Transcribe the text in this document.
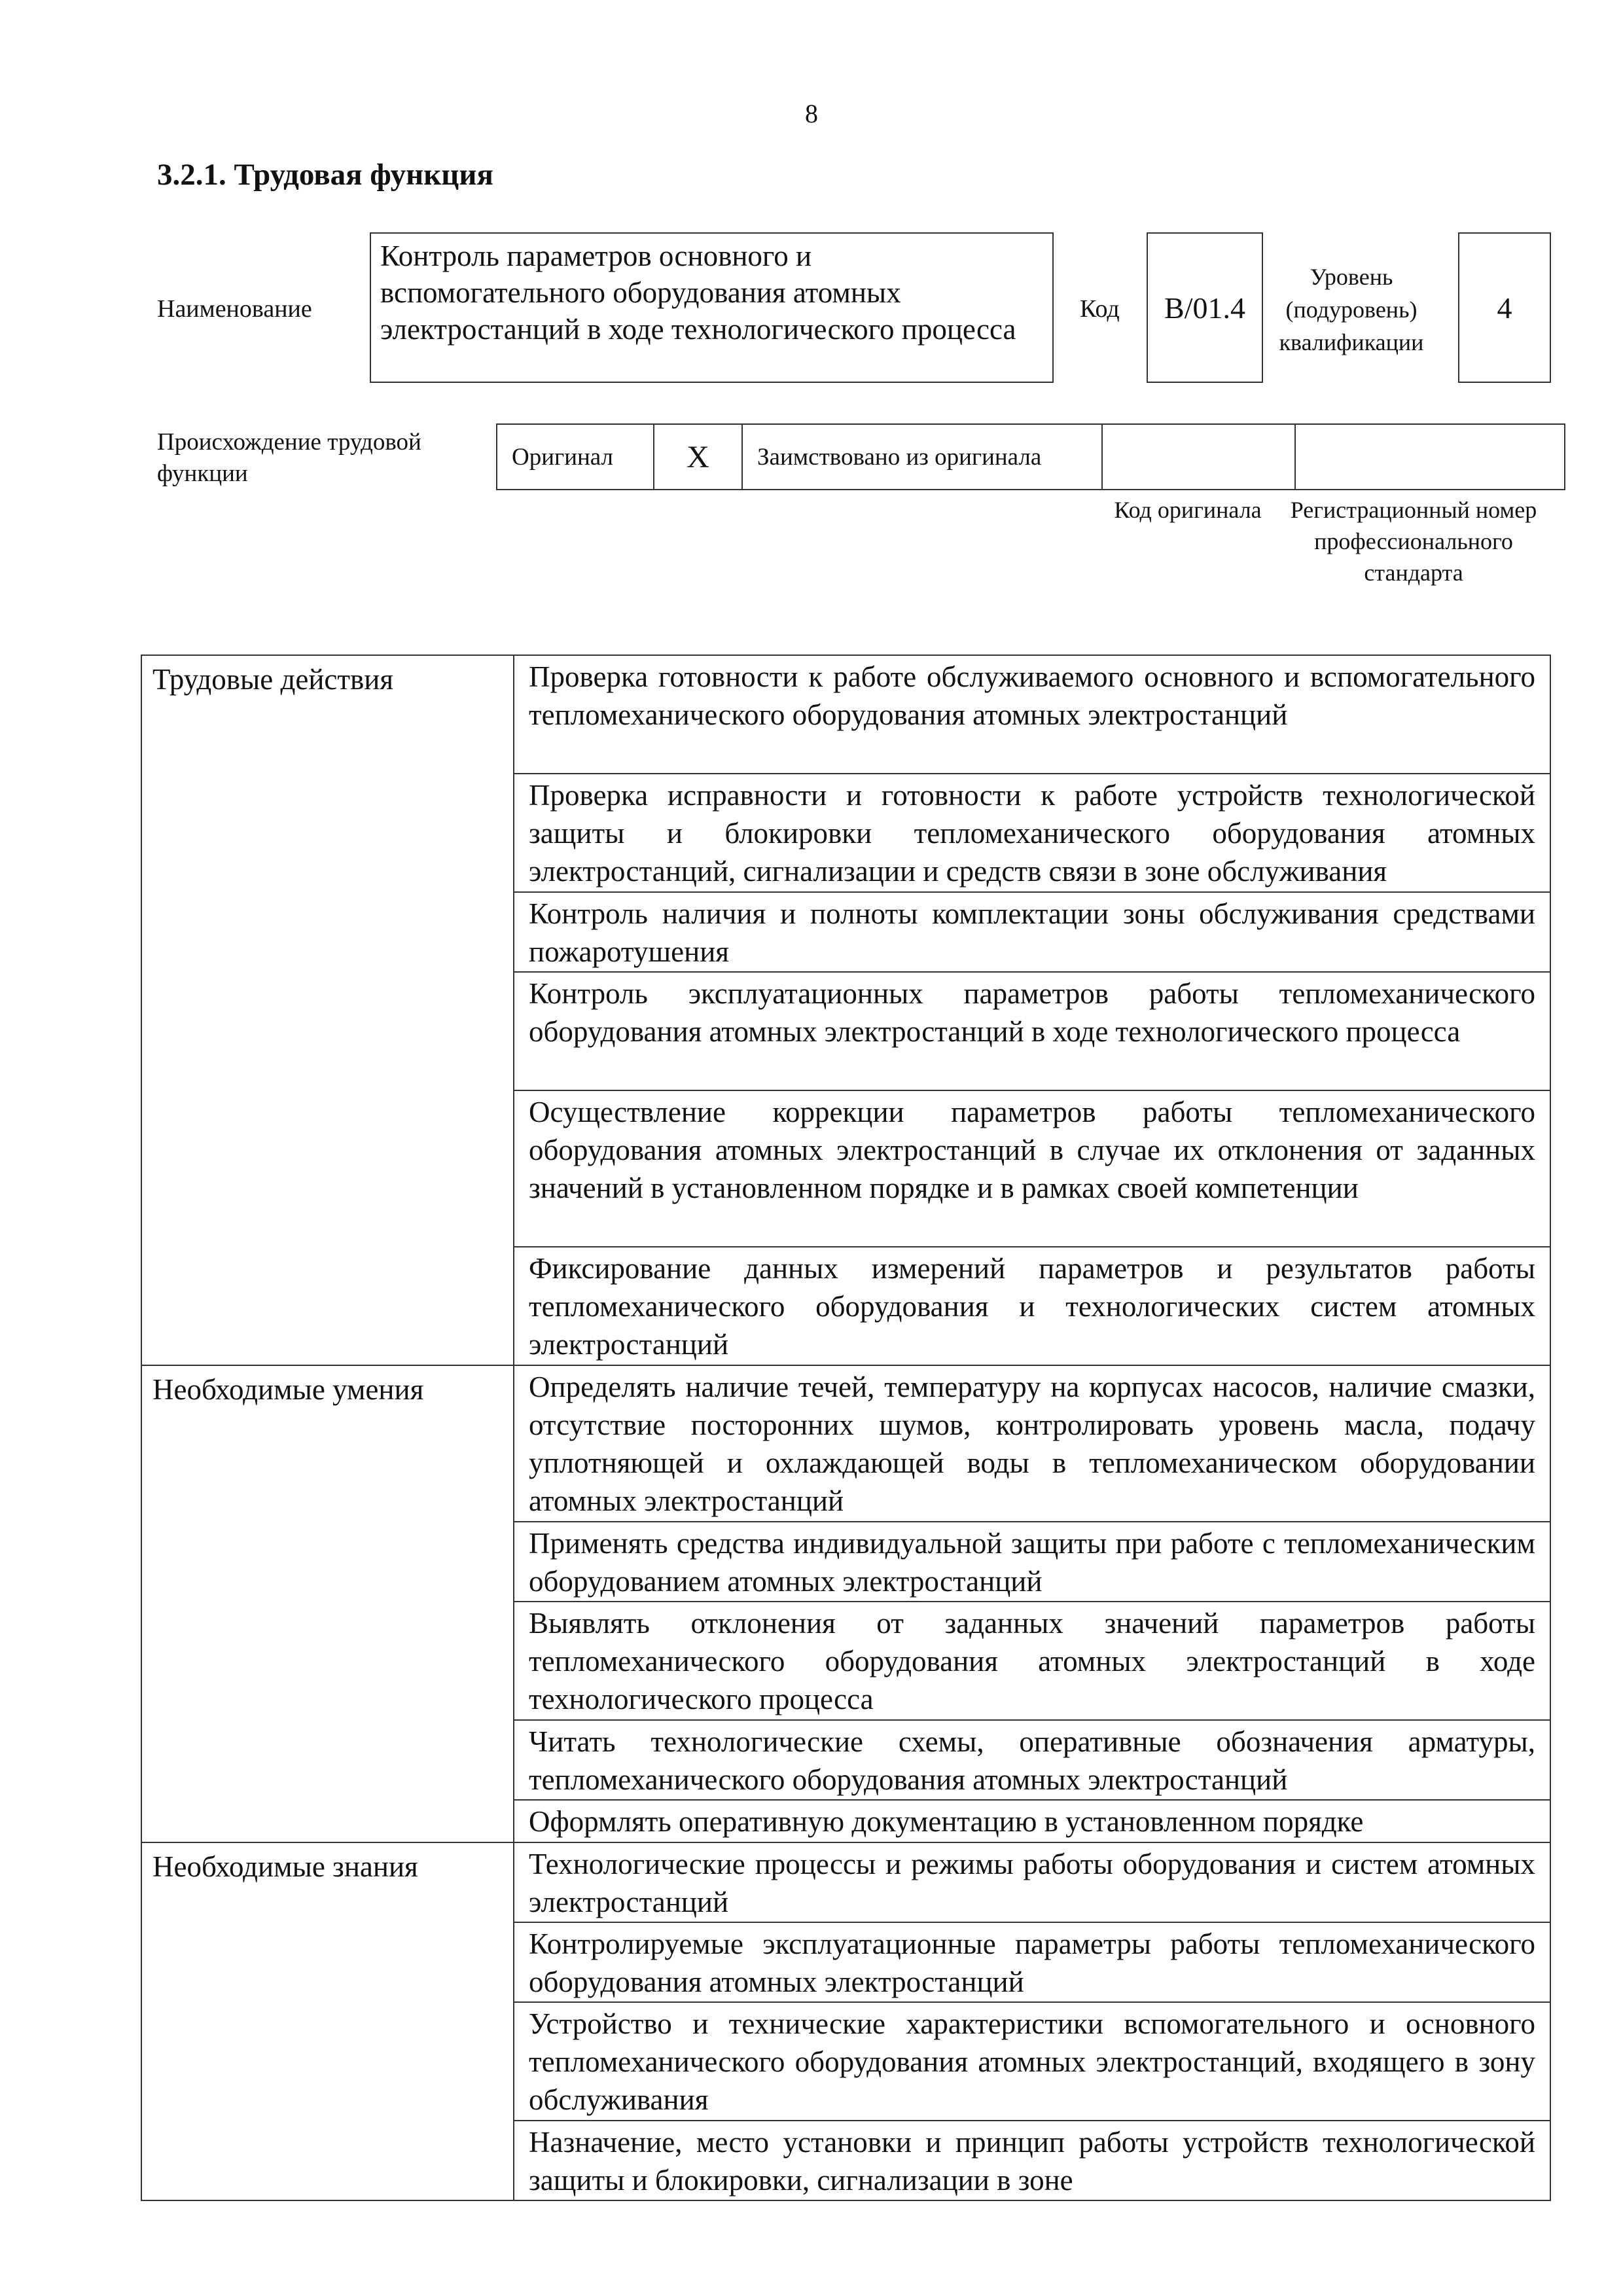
8
3.2.1. Трудовая функция
Наименование
Контроль параметров основного и вспомогательного оборудования атомных электростанций в ходе технологического процесса
Код	B/01.4
Уровень (подуровень) квалификации
4
Происхождение трудовой функции
Оригинал	X	Заимствовано из оригинала		
Код оригинала	Регистрационный номер профессионального стандарта
Трудовые действия	Проверка готовности к работе обслуживаемого основного и вспомогательного тепломеханического оборудования атомных электростанций
	Проверка исправности и готовности к работе устройств технологической защиты и блокировки тепломеханического оборудования атомных электростанций, сигнализации и средств связи в зоне обслуживания
	Контроль наличия и полноты комплектации зоны обслуживания средствами пожаротушения
	Контроль эксплуатационных параметров работы тепломеханического оборудования атомных электростанций в ходе технологического процесса
	Осуществление коррекции параметров работы тепломеханического оборудования атомных электростанций в случае их отклонения от заданных значений в установленном порядке и в рамках своей компетенции
	Фиксирование данных измерений параметров и результатов работы тепломеханического оборудования и технологических систем атомных электростанций
Необходимые умения	Определять наличие течей, температуру на корпусах насосов, наличие смазки, отсутствие посторонних шумов, контролировать уровень масла, подачу уплотняющей и охлаждающей воды в тепломеханическом оборудовании атомных электростанций
	Применять средства индивидуальной защиты при работе с тепломеханическим оборудованием атомных электростанций
	Выявлять отклонения от заданных значений параметров работы тепломеханического оборудования атомных электростанций в ходе технологического процесса
	Читать технологические схемы, оперативные обозначения арматуры, тепломеханического оборудования атомных электростанций
	Оформлять оперативную документацию в установленном порядке
Необходимые знания	Технологические процессы и режимы работы оборудования и систем атомных электростанций
	Контролируемые эксплуатационные параметры работы тепломеханического оборудования атомных электростанций
	Устройство и технические характеристики вспомогательного и основного тепломеханического оборудования атомных электростанций, входящего в зону обслуживания
	Назначение, место установки и принцип работы устройств технологической защиты и блокировки, сигнализации в зоне
